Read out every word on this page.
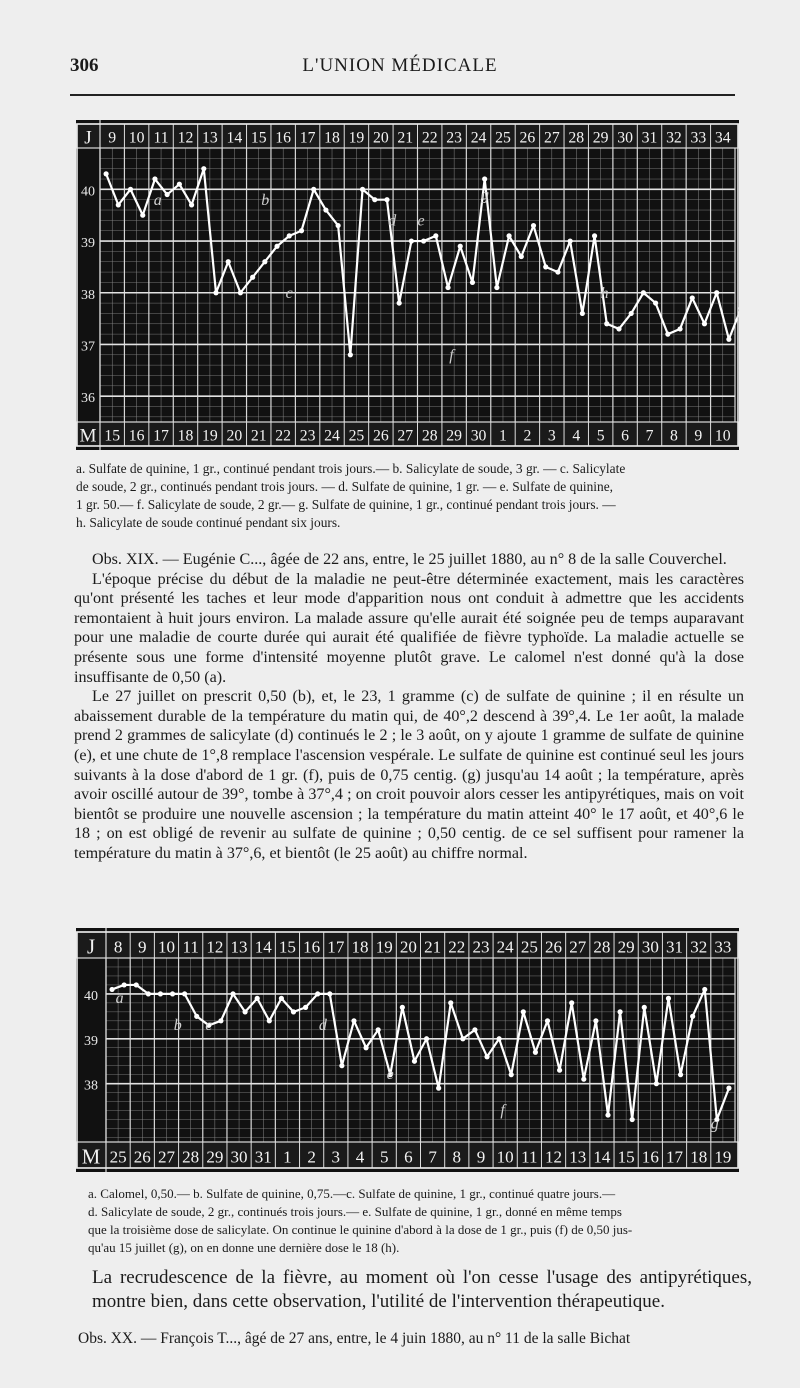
306	L'UNION MÉDICALE
J
M
9
15
10
16
11
17
12
18
13
19
14
20
15
21
16
22
17
23
18
24
19
25
20
26
21
27
22
28
23
29
24
30
25
1
26
2
27
3
28
4
29
5
30
6
31
7
32
8
33
9
34
10
40
39
38
37
36
a	b
c
d e
f
g
h
a. Sulfate de quinine, 1 gr., continué pendant trois jours.— b. Salicylate de soude, 3 gr. — c. Salicylate
de soude, 2 gr., continués pendant trois jours. — d. Sulfate de quinine, 1 gr. — e. Sulfate de quinine,
1 gr. 50.— f. Salicylate de soude, 2 gr.— g. Sulfate de quinine, 1 gr., continué pendant trois jours. —
h. Salicylate de soude continué pendant six jours.

Obs. XIX. — Eugénie C..., âgée de 22 ans, entre, le 25 juillet 1880, au n° 8 de la salle Couverchel.

L'époque précise du début de la maladie ne peut-être déterminée exactement, mais les caractères qu'ont présenté les taches et leur mode d'apparition nous ont conduit à admettre que les accidents remontaient à huit jours environ. La malade assure qu'elle aurait été soignée peu de temps auparavant pour une maladie de courte durée qui aurait été qualifiée de fièvre typhoïde. La maladie actuelle se présente sous une forme d'intensité moyenne plutôt grave. Le calomel n'est donné qu'à la dose insuffisante de 0,50 (a).

Le 27 juillet on prescrit 0,50 (b), et, le 23, 1 gramme (c) de sulfate de quinine ; il en résulte un abaissement durable de la température du matin qui, de 40°,2 descend à 39°,4. Le 1er août, la malade prend 2 grammes de salicylate (d) continués le 2 ; le 3 août, on y ajoute 1 gramme de sulfate de quinine (e), et une chute de 1°,8 remplace l'ascension vespérale. Le sulfate de quinine est continué seul les jours suivants à la dose d'abord de 1 gr. (f), puis de 0,75 centig. (g) jusqu'au 14 août ; la température, après avoir oscillé autour de 39°, tombe à 37°,4 ; on croit pouvoir alors cesser les antipyrétiques, mais on voit bientôt se produire une nouvelle ascension ; la température du matin atteint 40° le 17 août, et 40°,6 le 18 ; on est obligé de revenir au sulfate de quinine ; 0,50 centig. de ce sel suffisent pour ramener la température du matin à 37°,6, et bientôt (le 25 août) au chiffre normal.

J
M
8
25
9
26
10
27
11
28
12
29
13
30
14
31
15
1
16
2
17
3
18
4
19
5
20
6
21
7
22
8
23
9
24
10
25
11
26
12
27
13
28
14
29
15
30
16
31
17
32
18
33
19
40
39
38
a
b c	d
e
f
g
a. Calomel, 0,50.— b. Sulfate de quinine, 0,75.—c. Sulfate de quinine, 1 gr., continué quatre jours.—
d. Salicylate de soude, 2 gr., continués trois jours.— e. Sulfate de quinine, 1 gr., donné en même temps
que la troisième dose de salicylate. On continue le quinine d'abord à la dose de 1 gr., puis (f) de 0,50 jus-
qu'au 15 juillet (g), on en donne une dernière dose le 18 (h).
La recrudescence de la fièvre, au moment où l'on cesse l'usage des antipyrétiques, montre bien, dans cette observation, l'utilité de l'intervention thérapeutique.
Obs. XX. — François T..., âgé de 27 ans, entre, le 4 juin 1880, au n° 11 de la salle Bichat
